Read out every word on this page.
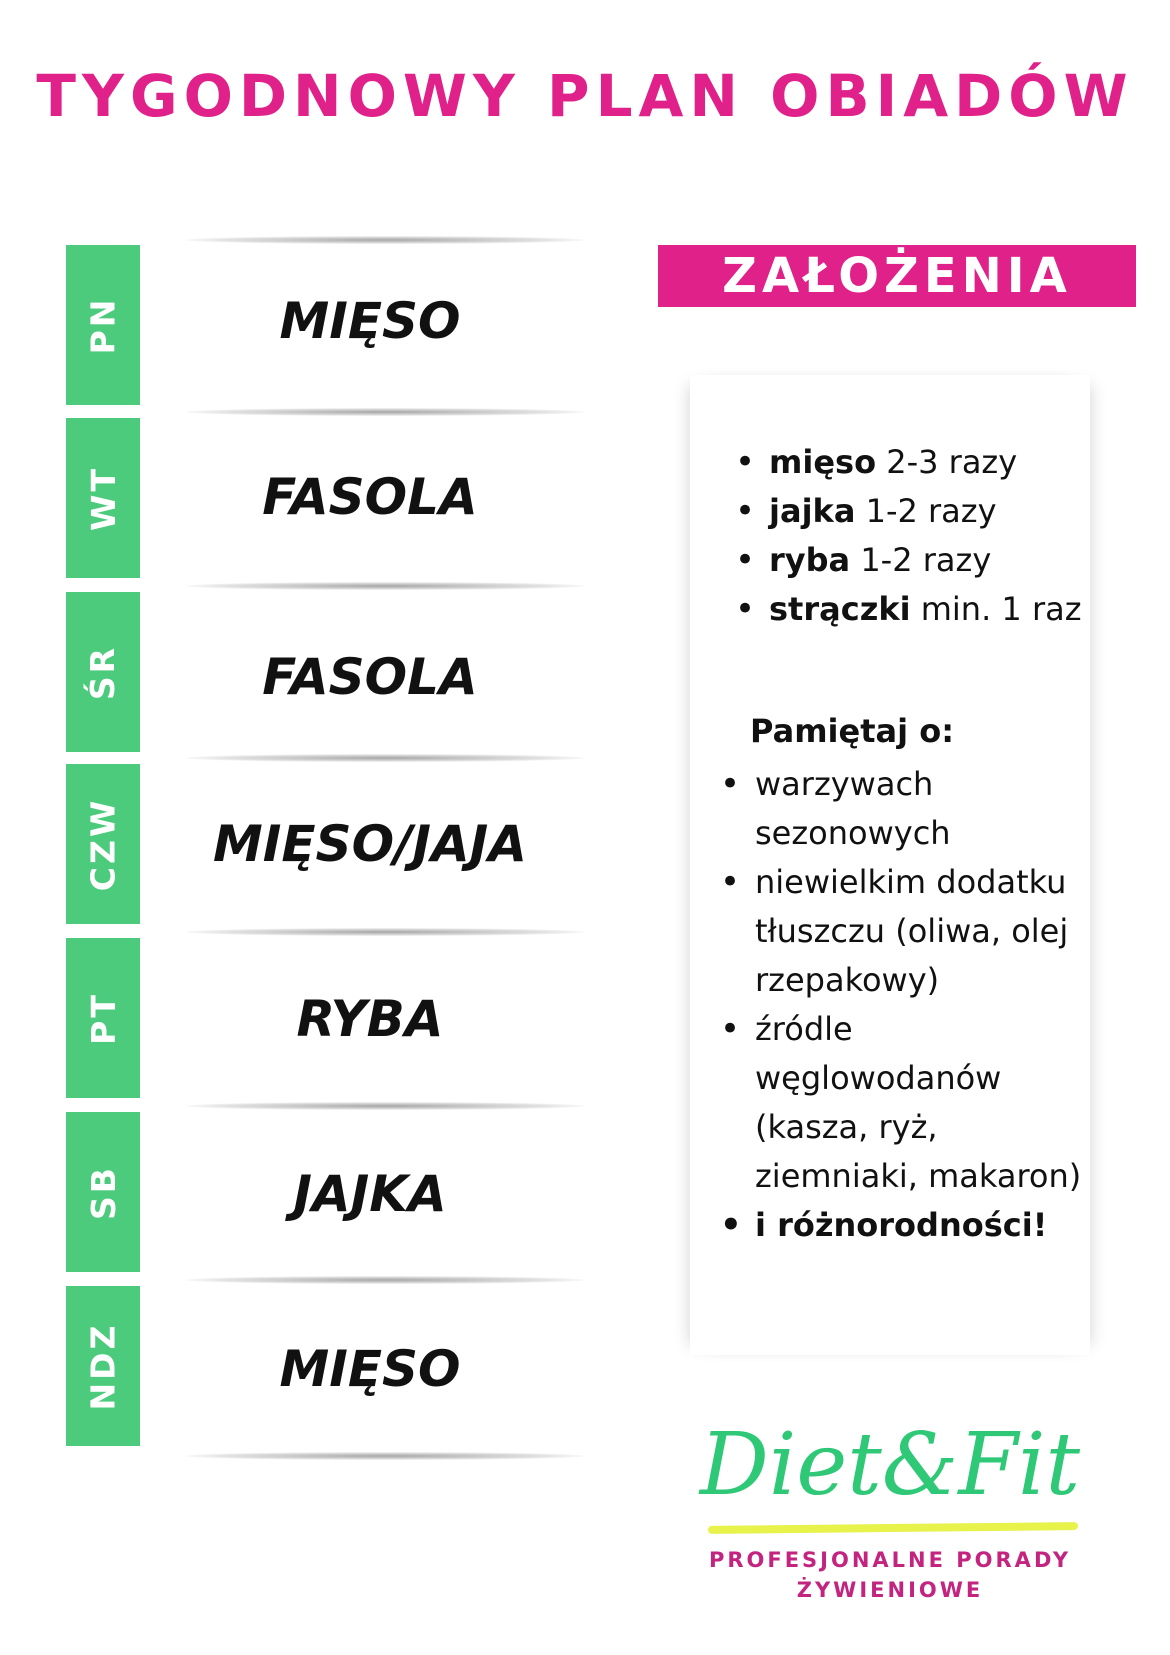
TYGODNOWY PLAN OBIADÓW
PN
WT
ŚR
CZW
PT
SB
NDZ
MIĘSO
FASOLA
FASOLA
MIĘSO/JAJA
RYBA
JAJKA
MIĘSO
ZAŁOŻENIA
• mięso 2-3 razy
• jajka 1-2 razy
• ryba 1-2 razy
• strączki min. 1 raz
Pamiętaj o:
• warzywach sezonowych
• niewielkim dodatku tłuszczu (oliwa, olej rzepakowy)
• źródle węglowodanów (kasza, ryż, ziemniaki, makaron)
• i różnorodności!
Diet&Fit
PROFESJONALNE PORADY
ŻYWIENIOWE
